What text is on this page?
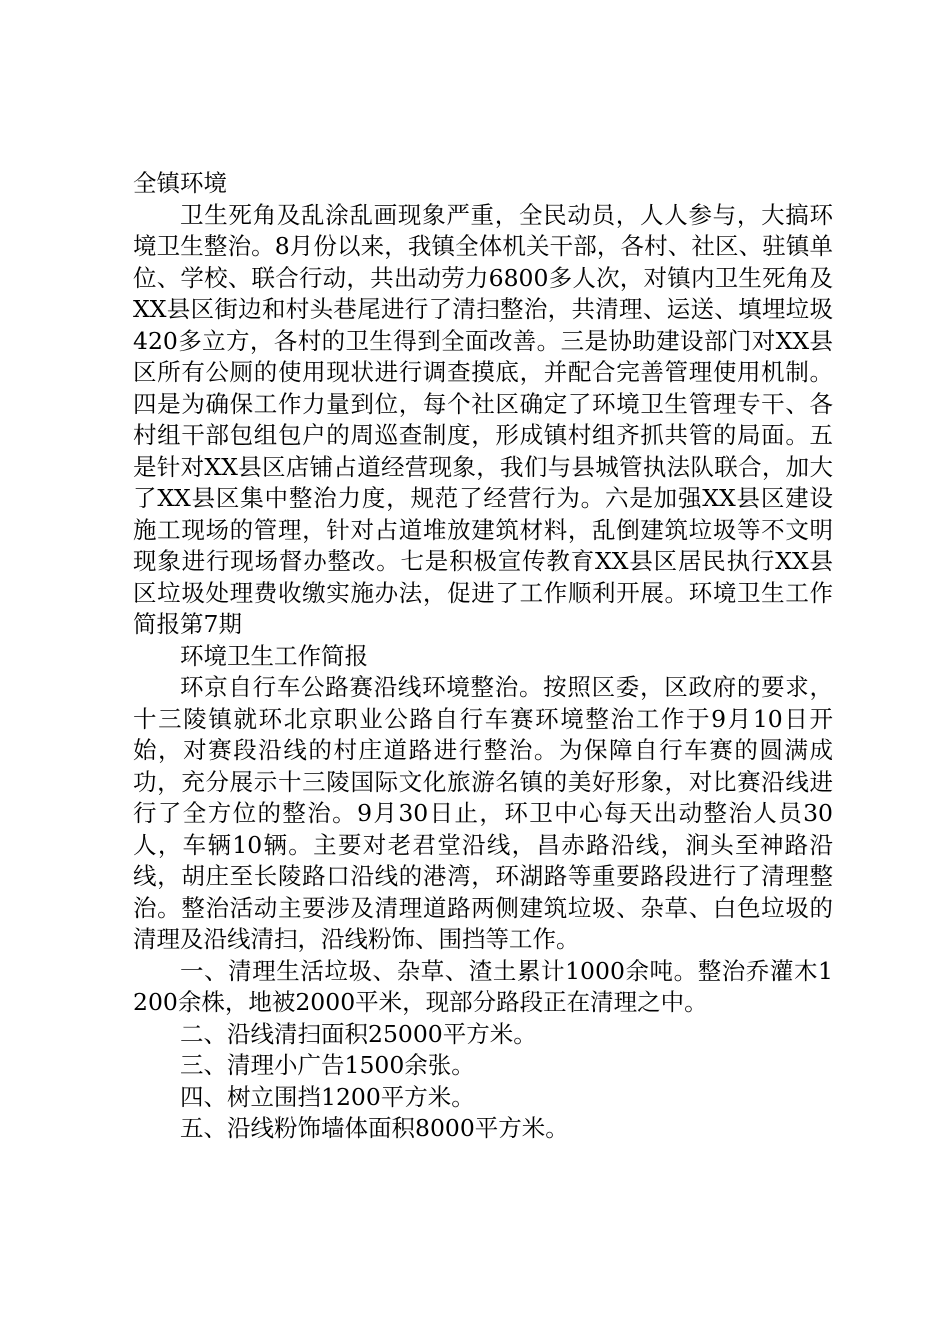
全镇环境

卫生死角及乱涂乱画现象严重，全民动员，人人参与，大搞环境卫生整治。8月份以来，我镇全体机关干部，各村、社区、驻镇单位、学校、联合行动，共出动劳力6800多人次，对镇内卫生死角及XX县区街边和村头巷尾进行了清扫整治，共清理、运送、填埋垃圾420多立方，各村的卫生得到全面改善。三是协助建设部门对XX县区所有公厕的使用现状进行调查摸底，并配合完善管理使用机制。四是为确保工作力量到位，每个社区确定了环境卫生管理专干、各村组干部包组包户的周巡查制度，形成镇村组齐抓共管的局面。五是针对XX县区店铺占道经营现象，我们与县城管执法队联合，加大了XX县区集中整治力度，规范了经营行为。六是加强XX县区建设施工现场的管理，针对占道堆放建筑材料，乱倒建筑垃圾等不文明现象进行现场督办整改。七是积极宣传教育XX县区居民执行XX县区垃圾处理费收缴实施办法，促进了工作顺利开展。环境卫生工作简报第7期

环境卫生工作简报

环京自行车公路赛沿线环境整治。按照区委，区政府的要求，十三陵镇就环北京职业公路自行车赛环境整治工作于9月10日开始，对赛段沿线的村庄道路进行整治。为保障自行车赛的圆满成功，充分展示十三陵国际文化旅游名镇的美好形象，对比赛沿线进行了全方位的整治。9月30日止，环卫中心每天出动整治人员30人，车辆10辆。主要对老君堂沿线，昌赤路沿线，涧头至神路沿线，胡庄至长陵路口沿线的港湾，环湖路等重要路段进行了清理整治。整治活动主要涉及清理道路两侧建筑垃圾、杂草、白色垃圾的清理及沿线清扫，沿线粉饰、围挡等工作。

一、清理生活垃圾、杂草、渣土累计1000余吨。整治乔灌木1200余株，地被2000平米，现部分路段正在清理之中。

二、沿线清扫面积25000平方米。

三、清理小广告1500余张。

四、树立围挡1200平方米。

五、沿线粉饰墙体面积8000平方米。
